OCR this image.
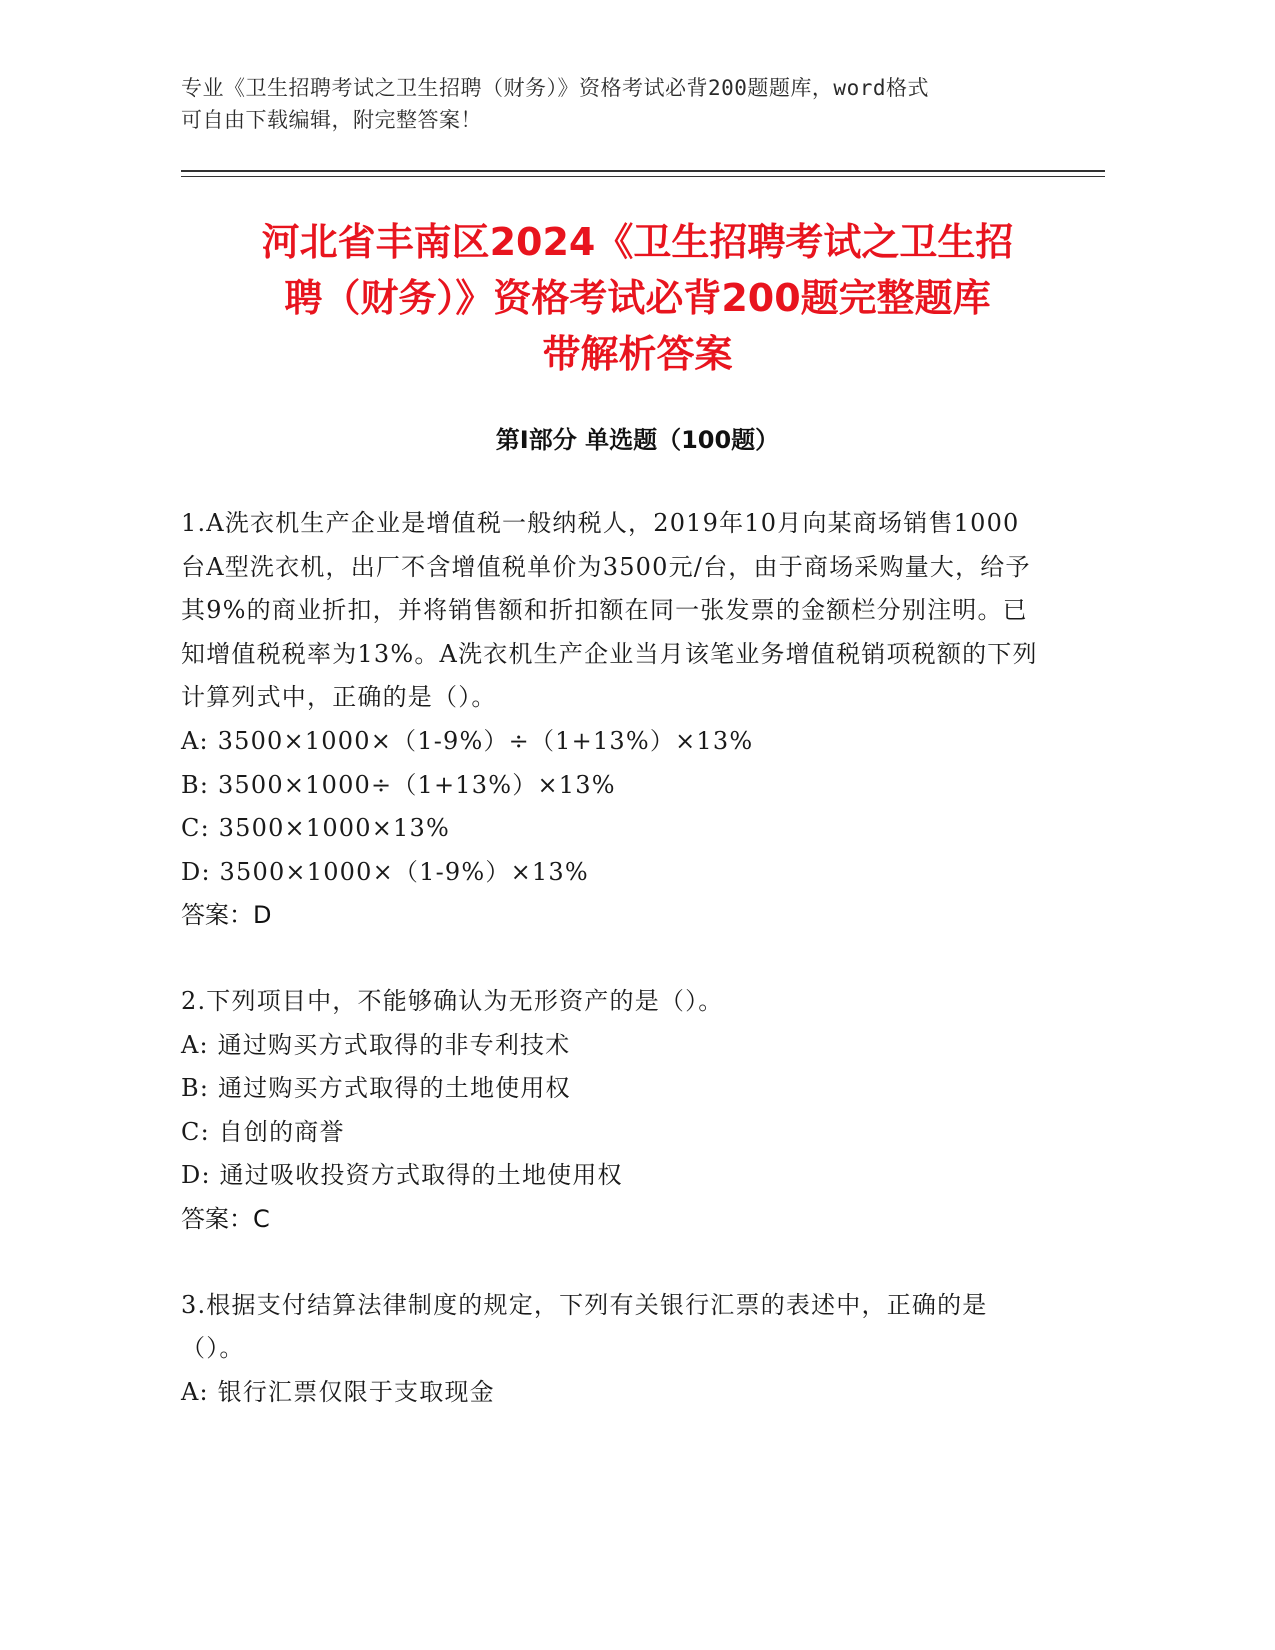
专业《卫生招聘考试之卫生招聘（财务）》资格考试必背200题题库，word格式
可自由下载编辑，附完整答案！
河北省丰南区2024《卫生招聘考试之卫生招
聘（财务）》资格考试必背200题完整题库
带解析答案
第Ⅰ部分 单选题（100题）
1.A洗衣机生产企业是增值税一般纳税人，2019年10月向某商场销售1000台A型洗衣机，出厂不含增值税单价为3500元/台，由于商场采购量大，给予其9%的商业折扣，并将销售额和折扣额在同一张发票的金额栏分别注明。已知增值税税率为13%。A洗衣机生产企业当月该笔业务增值税销项税额的下列计算列式中，正确的是（）。
A: 3500×1000×（1-9%）÷（1+13%）×13%
B: 3500×1000÷（1+13%）×13%
C: 3500×1000×13%
D: 3500×1000×（1-9%）×13%
答案：D
2.下列项目中，不能够确认为无形资产的是（）。
A: 通过购买方式取得的非专利技术
B: 通过购买方式取得的土地使用权
C: 自创的商誉
D: 通过吸收投资方式取得的土地使用权
答案：C
3.根据支付结算法律制度的规定，下列有关银行汇票的表述中，正确的是（）。
A: 银行汇票仅限于支取现金
